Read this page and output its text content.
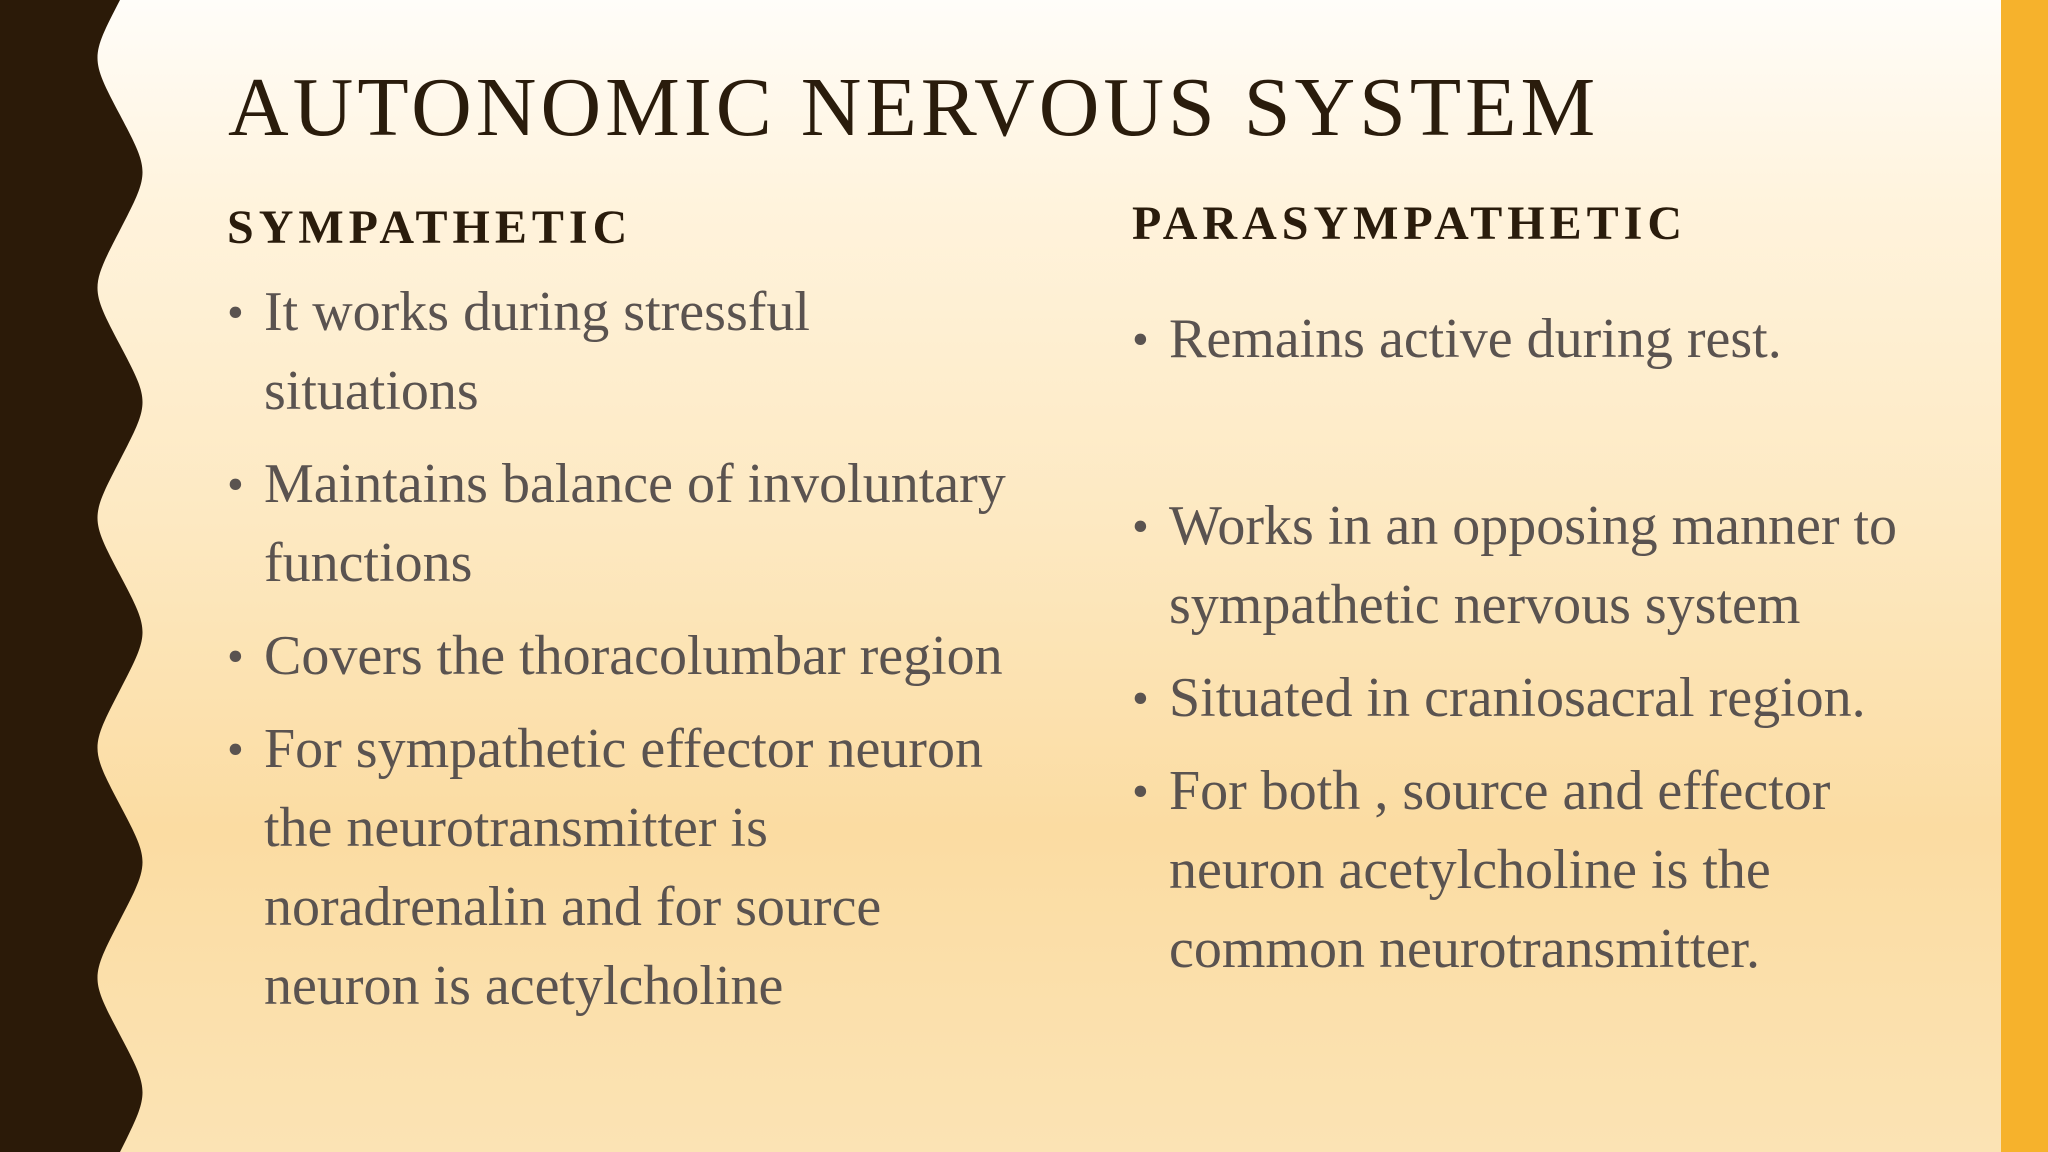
AUTONOMIC NERVOUS SYSTEM
SYMPATHETIC
• It works during stressful situations
• Maintains balance of involuntary functions
• Covers the thoracolumbar region
• For sympathetic effector neuron the neurotransmitter is noradrenalin and for source neuron is acetylcholine
PARASYMPATHETIC
• Remains active during rest.
• Works in an opposing manner to sympathetic nervous system
• Situated in craniosacral region.
• For both , source and effector neuron acetylcholine is the common neurotransmitter.
